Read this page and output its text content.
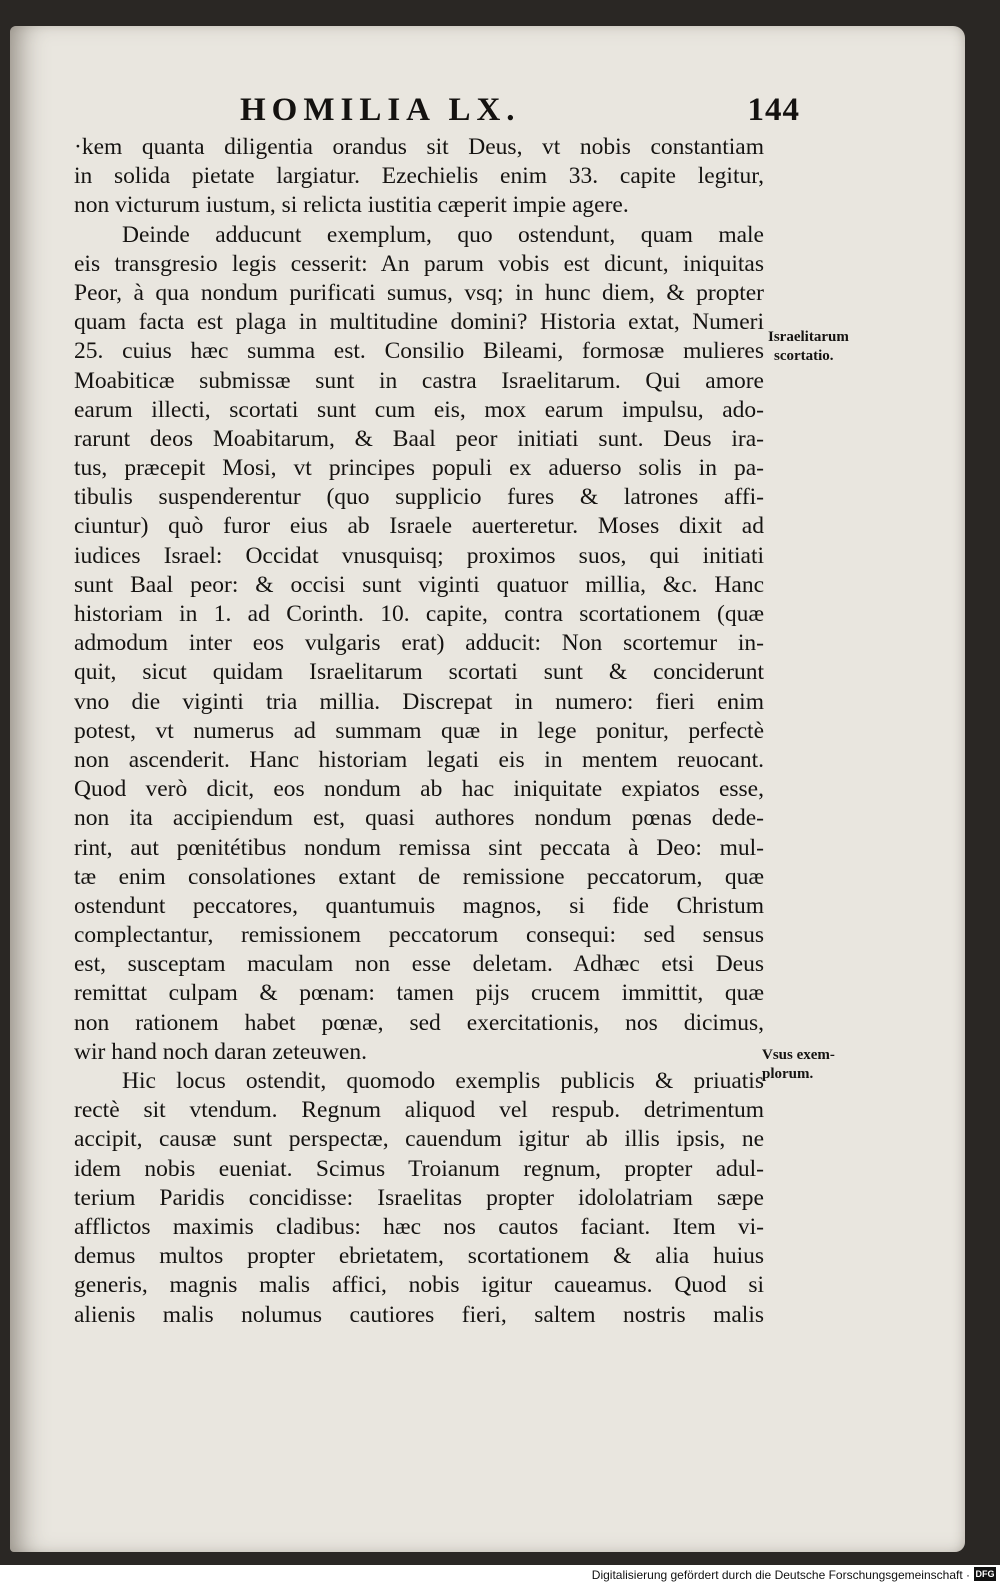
HOMILIA LX.	144
·kem quanta diligentia orandus sit Deus, vt nobis constantiam
in solida pietate largiatur. Ezechielis enim 33. capite legitur,
non victurum iustum, si relicta iustitia cæperit impie agere.
Deinde adducunt exemplum, quo ostendunt, quam male
eis transgresio legis cesserit: An parum vobis est dicunt, iniquitas
Peor, à qua nondum purificati sumus, vsq; in hunc diem, & propter
quam facta est plaga in multitudine domini? Historia extat, Numeri
25. cuius hæc summa est. Consilio Bileami, formosæ mulieres
Moabiticæ submissæ sunt in castra Israelitarum. Qui amore
earum illecti, scortati sunt cum eis, mox earum impulsu, ado-
rarunt deos Moabitarum, & Baal peor initiati sunt. Deus ira-
tus, præcepit Mosi, vt principes populi ex aduerso solis in pa-
tibulis suspenderentur (quo supplicio fures & latrones affi-
ciuntur) quò furor eius ab Israele auerteretur. Moses dixit ad
iudices Israel: Occidat vnusquisq; proximos suos, qui initiati
sunt Baal peor: & occisi sunt viginti quatuor millia, &c. Hanc
historiam in 1. ad Corinth. 10. capite, contra scortationem (quæ
admodum inter eos vulgaris erat) adducit: Non scortemur in-
quit, sicut quidam Israelitarum scortati sunt & conciderunt
vno die viginti tria millia. Discrepat in numero: fieri enim
potest, vt numerus ad summam quæ in lege ponitur, perfectè
non ascenderit. Hanc historiam legati eis in mentem reuocant.
Quod verò dicit, eos nondum ab hac iniquitate expiatos esse,
non ita accipiendum est, quasi authores nondum pœnas dede-
rint, aut pœnitétibus nondum remissa sint peccata à Deo: mul-
tæ enim consolationes extant de remissione peccatorum, quæ
ostendunt peccatores, quantumuis magnos, si fide Christum
complectantur, remissionem peccatorum consequi: sed sensus
est, susceptam maculam non esse deletam. Adhæc etsi Deus
remittat culpam & pœnam: tamen pijs crucem immittit, quæ
non rationem habet pœnæ, sed exercitationis, nos dicimus,
wir hand noch daran zeteuwen.
Hic locus ostendit, quomodo exemplis publicis & priuatis
rectè sit vtendum. Regnum aliquod vel respub. detrimentum
accipit, causæ sunt perspectæ, cauendum igitur ab illis ipsis, ne
idem nobis eueniat. Scimus Troianum regnum, propter adul-
terium Paridis concidisse: Israelitas propter idololatriam sæpe
afflictos maximis cladibus: hæc nos cautos faciant. Item vi-
demus multos propter ebrietatem, scortationem & alia huius
generis, magnis malis affici, nobis igitur caueamus. Quod si
alienis malis nolumus cautiores fieri, saltem nostris malis
Israelitarum
scortatio.
Vsus exem-
plorum.
Digitalisierung gefördert durch die Deutsche Forschungsgemeinschaft · DFG
